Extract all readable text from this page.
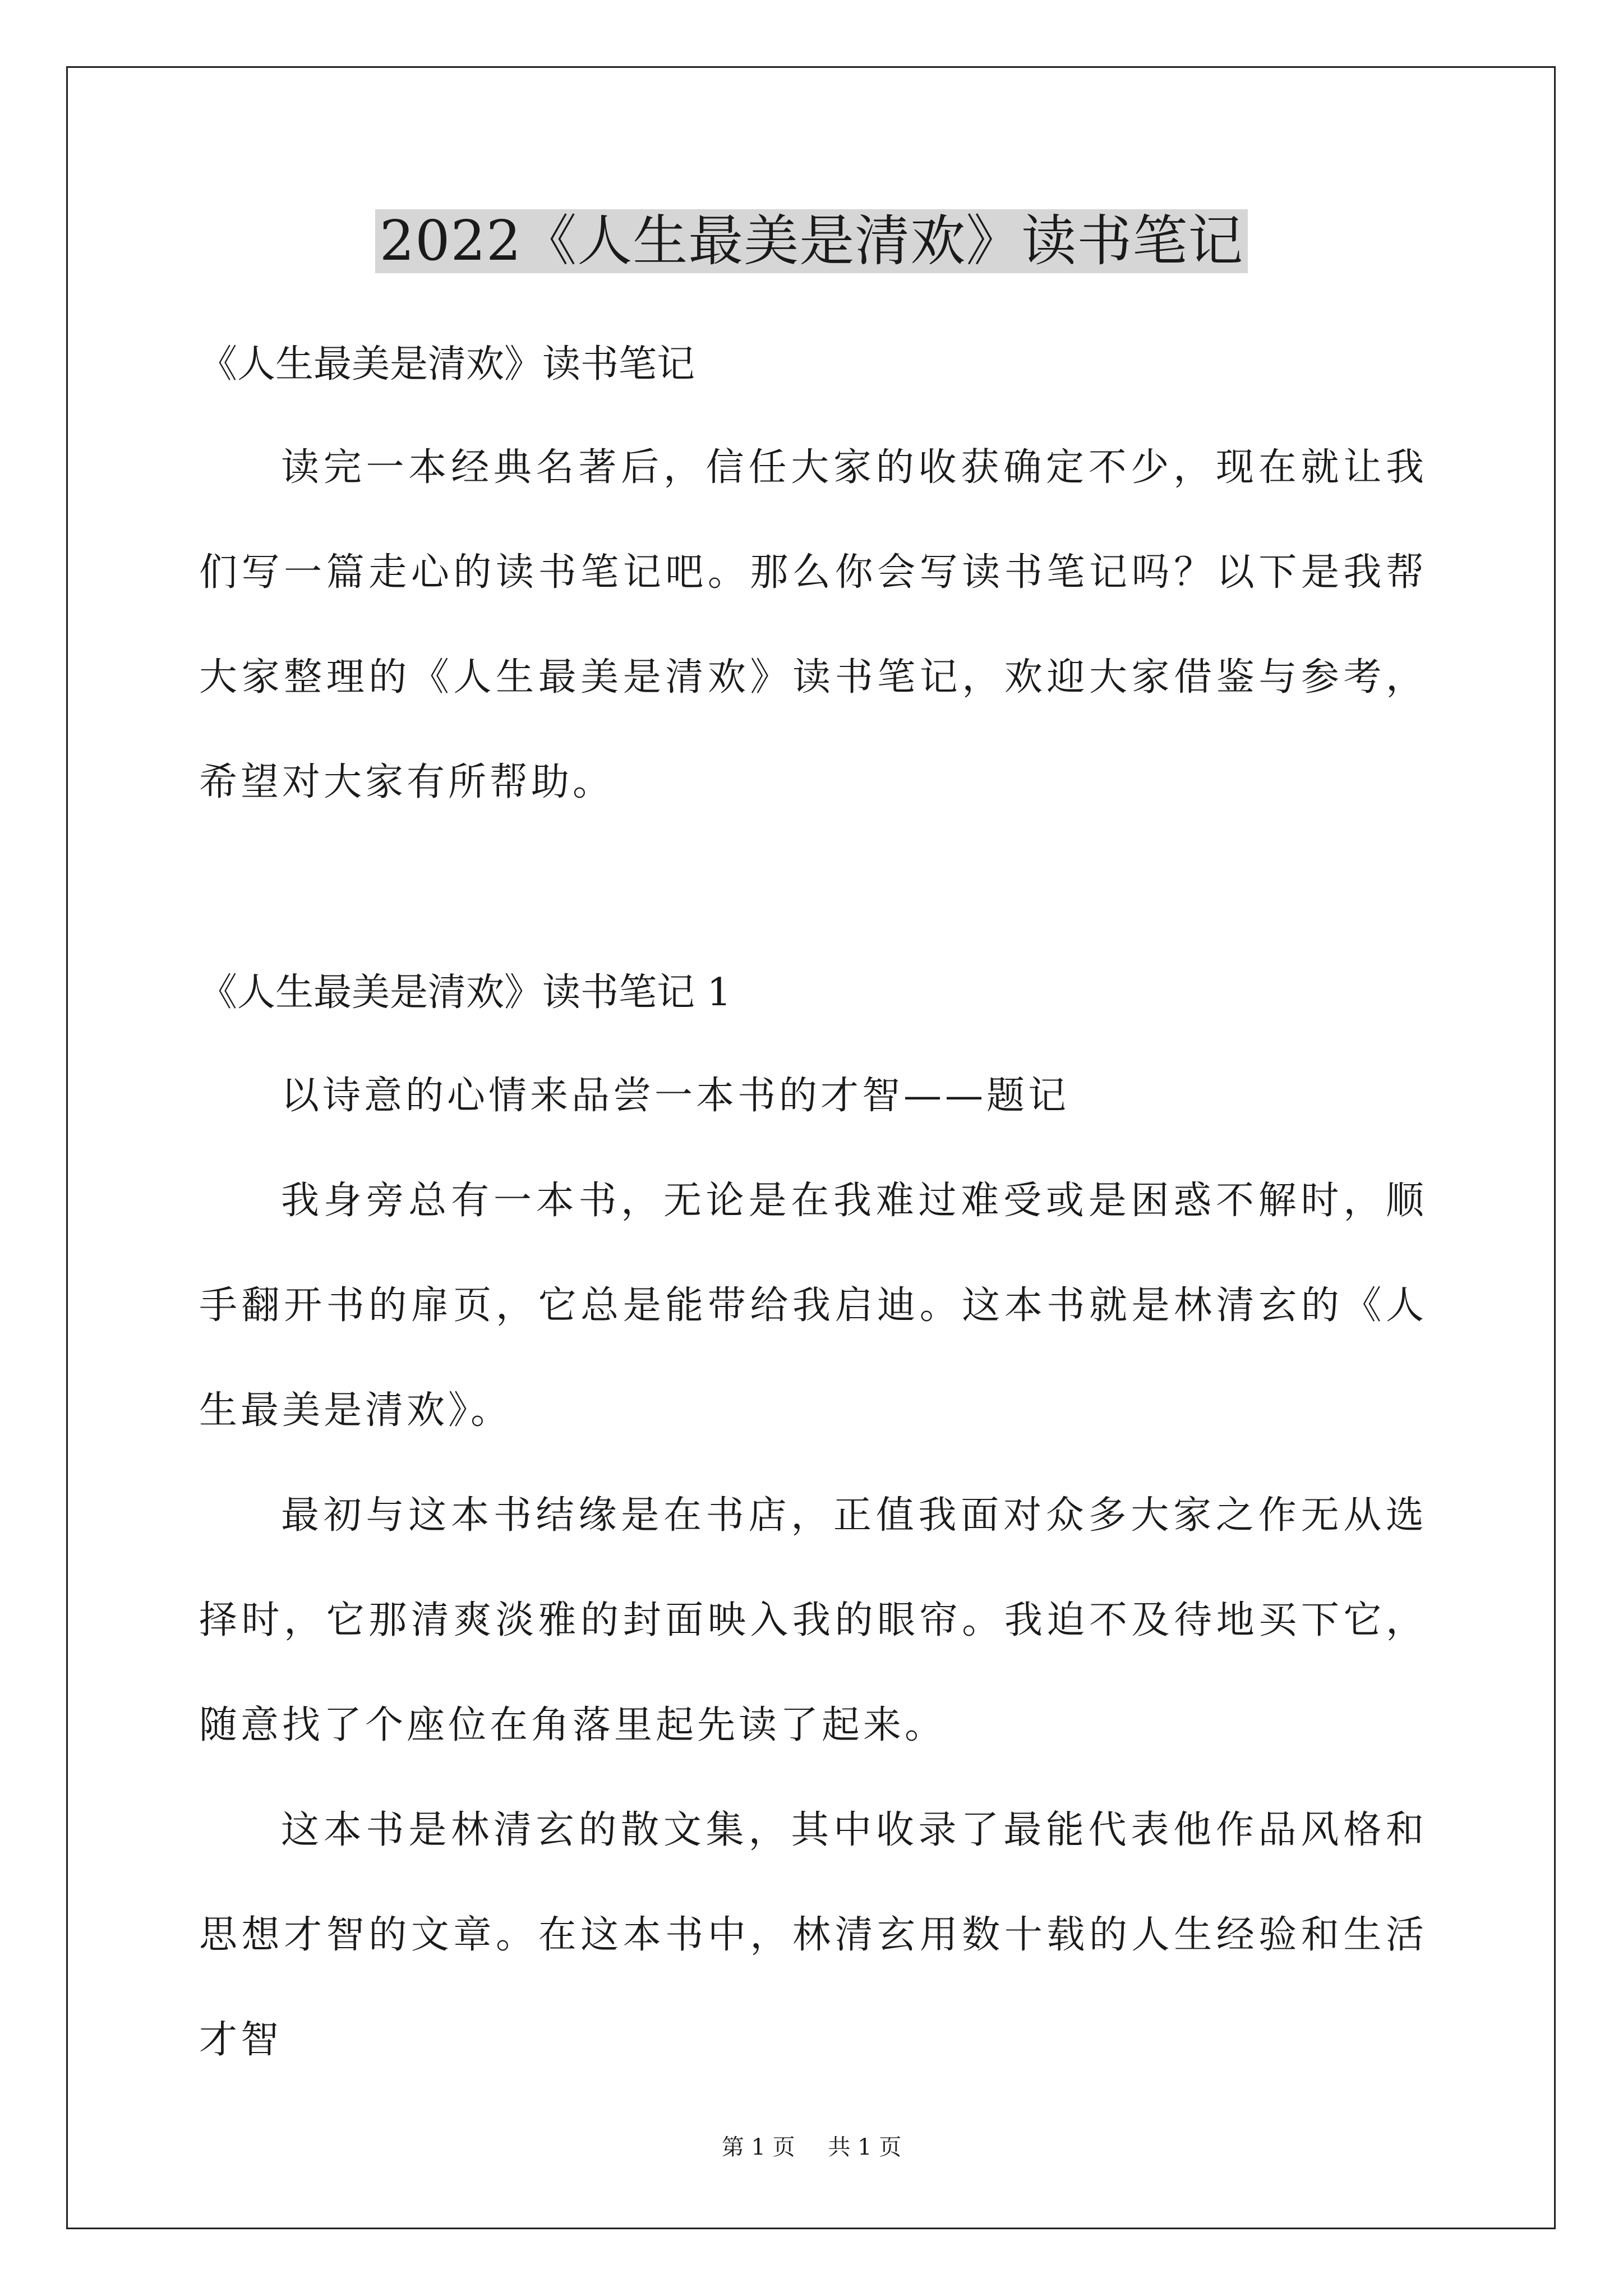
2022《人生最美是清欢》读书笔记

《人生最美是清欢》读书笔记

读完一本经典名著后，信任大家的收获确定不少，现在就让我们写一篇走心的读书笔记吧。那么你会写读书笔记吗？以下是我帮大家整理的《人生最美是清欢》读书笔记，欢迎大家借鉴与参考，希望对大家有所帮助。

《人生最美是清欢》读书笔记 1

以诗意的心情来品尝一本书的才智——题记

我身旁总有一本书，无论是在我难过难受或是困惑不解时，顺手翻开书的扉页，它总是能带给我启迪。这本书就是林清玄的《人生最美是清欢》。

最初与这本书结缘是在书店，正值我面对众多大家之作无从选择时，它那清爽淡雅的封面映入我的眼帘。我迫不及待地买下它，随意找了个座位在角落里起先读了起来。

这本书是林清玄的散文集，其中收录了最能代表他作品风格和思想才智的文章。在这本书中，林清玄用数十载的人生经验和生活才智

第 1 页 共 1 页
